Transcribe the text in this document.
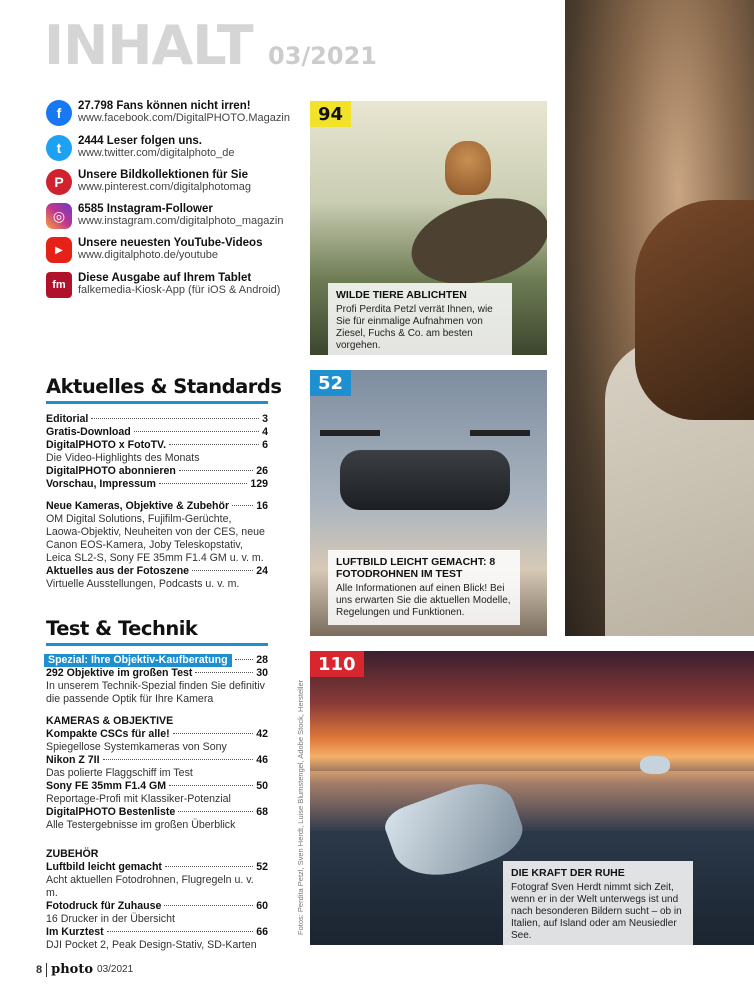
INHALT 03/2021
f	27.798 Fans können nicht irren!
www.facebook.com/DigitalPHOTO.Magazin
t	2444 Leser folgen uns.
www.twitter.com/digitalphoto_de
P	Unsere Bildkollektionen für Sie
www.pinterest.com/digitalphotomag
◎	6585 Instagram-Follower
www.instagram.com/digitalphoto_magazin
▶
Unsere neuesten YouTube-Videos
www.digitalphoto.de/youtube
fm
Diese Ausgabe auf Ihrem Tablet
falkemedia-Kiosk-App (für iOS & Android)
Aktuelles & Standards
Editorial	3
Gratis-Download	4
DigitalPHOTO x FotoTV.	6
Die Video-Highlights des Monats
DigitalPHOTO abonnieren	26
Vorschau, Impressum	129
Neue Kameras, Objektive & Zubehör	16
OM Digital Solutions, Fujifilm-Gerüchte, Laowa-Objektiv, Neuheiten von der CES, neue Canon EOS-Kamera, Joby Teleskopstativ, Leica SL2-S, Sony FE 35mm F1.4 GM u. v. m.
Aktuelles aus der Fotoszene	24
Virtuelle Ausstellungen, Podcasts u. v. m.
Test & Technik
Spezial: Ihre Objektiv-Kaufberatung	28
292 Objektive im großen Test	30
In unserem Technik-Spezial finden Sie definitiv die passende Optik für Ihre Kamera
KAMERAS & OBJEKTIVE
Kompakte CSCs für alle!	42
Spiegellose Systemkameras von Sony
Nikon Z 7II	46
Das polierte Flaggschiff im Test
Sony FE 35mm F1.4 GM	50
Reportage-Profi mit Klassiker-Potenzial
DigitalPHOTO Bestenliste	68
Alle Testergebnisse im großen Überblick
ZUBEHÖR
Luftbild leicht gemacht	52
Acht aktuellen Fotodrohnen, Flugregeln u. v. m.
Fotodruck für Zuhause	60
16 Drucker in der Übersicht
Im Kurztest	66
DJI Pocket 2, Peak Design-Stativ, SD-Karten
94
WILDE TIERE ABLICHTEN
Profi Perdita Petzl verrät Ihnen, wie Sie für einmalige Aufnahmen von Ziesel, Fuchs & Co. am besten vorgehen.
52
LUFTBILD LEICHT GEMACHT: 8 FOTODROHNEN IM TEST
Alle Informationen auf einen Blick! Bei uns erwarten Sie die aktuellen Modelle, Regelungen und Funktionen.
Fotos: Perdita Petzl, Sven Herdt, Luise Blumstengel, Adobe Stock, Hersteller
110
DIE KRAFT DER RUHE
Fotograf Sven Herdt nimmt sich Zeit, wenn er in der Welt unterwegs ist und nach besonderen Bildern sucht – ob in Italien, auf Island oder am Neusiedler See.
8 photo 03/2021
